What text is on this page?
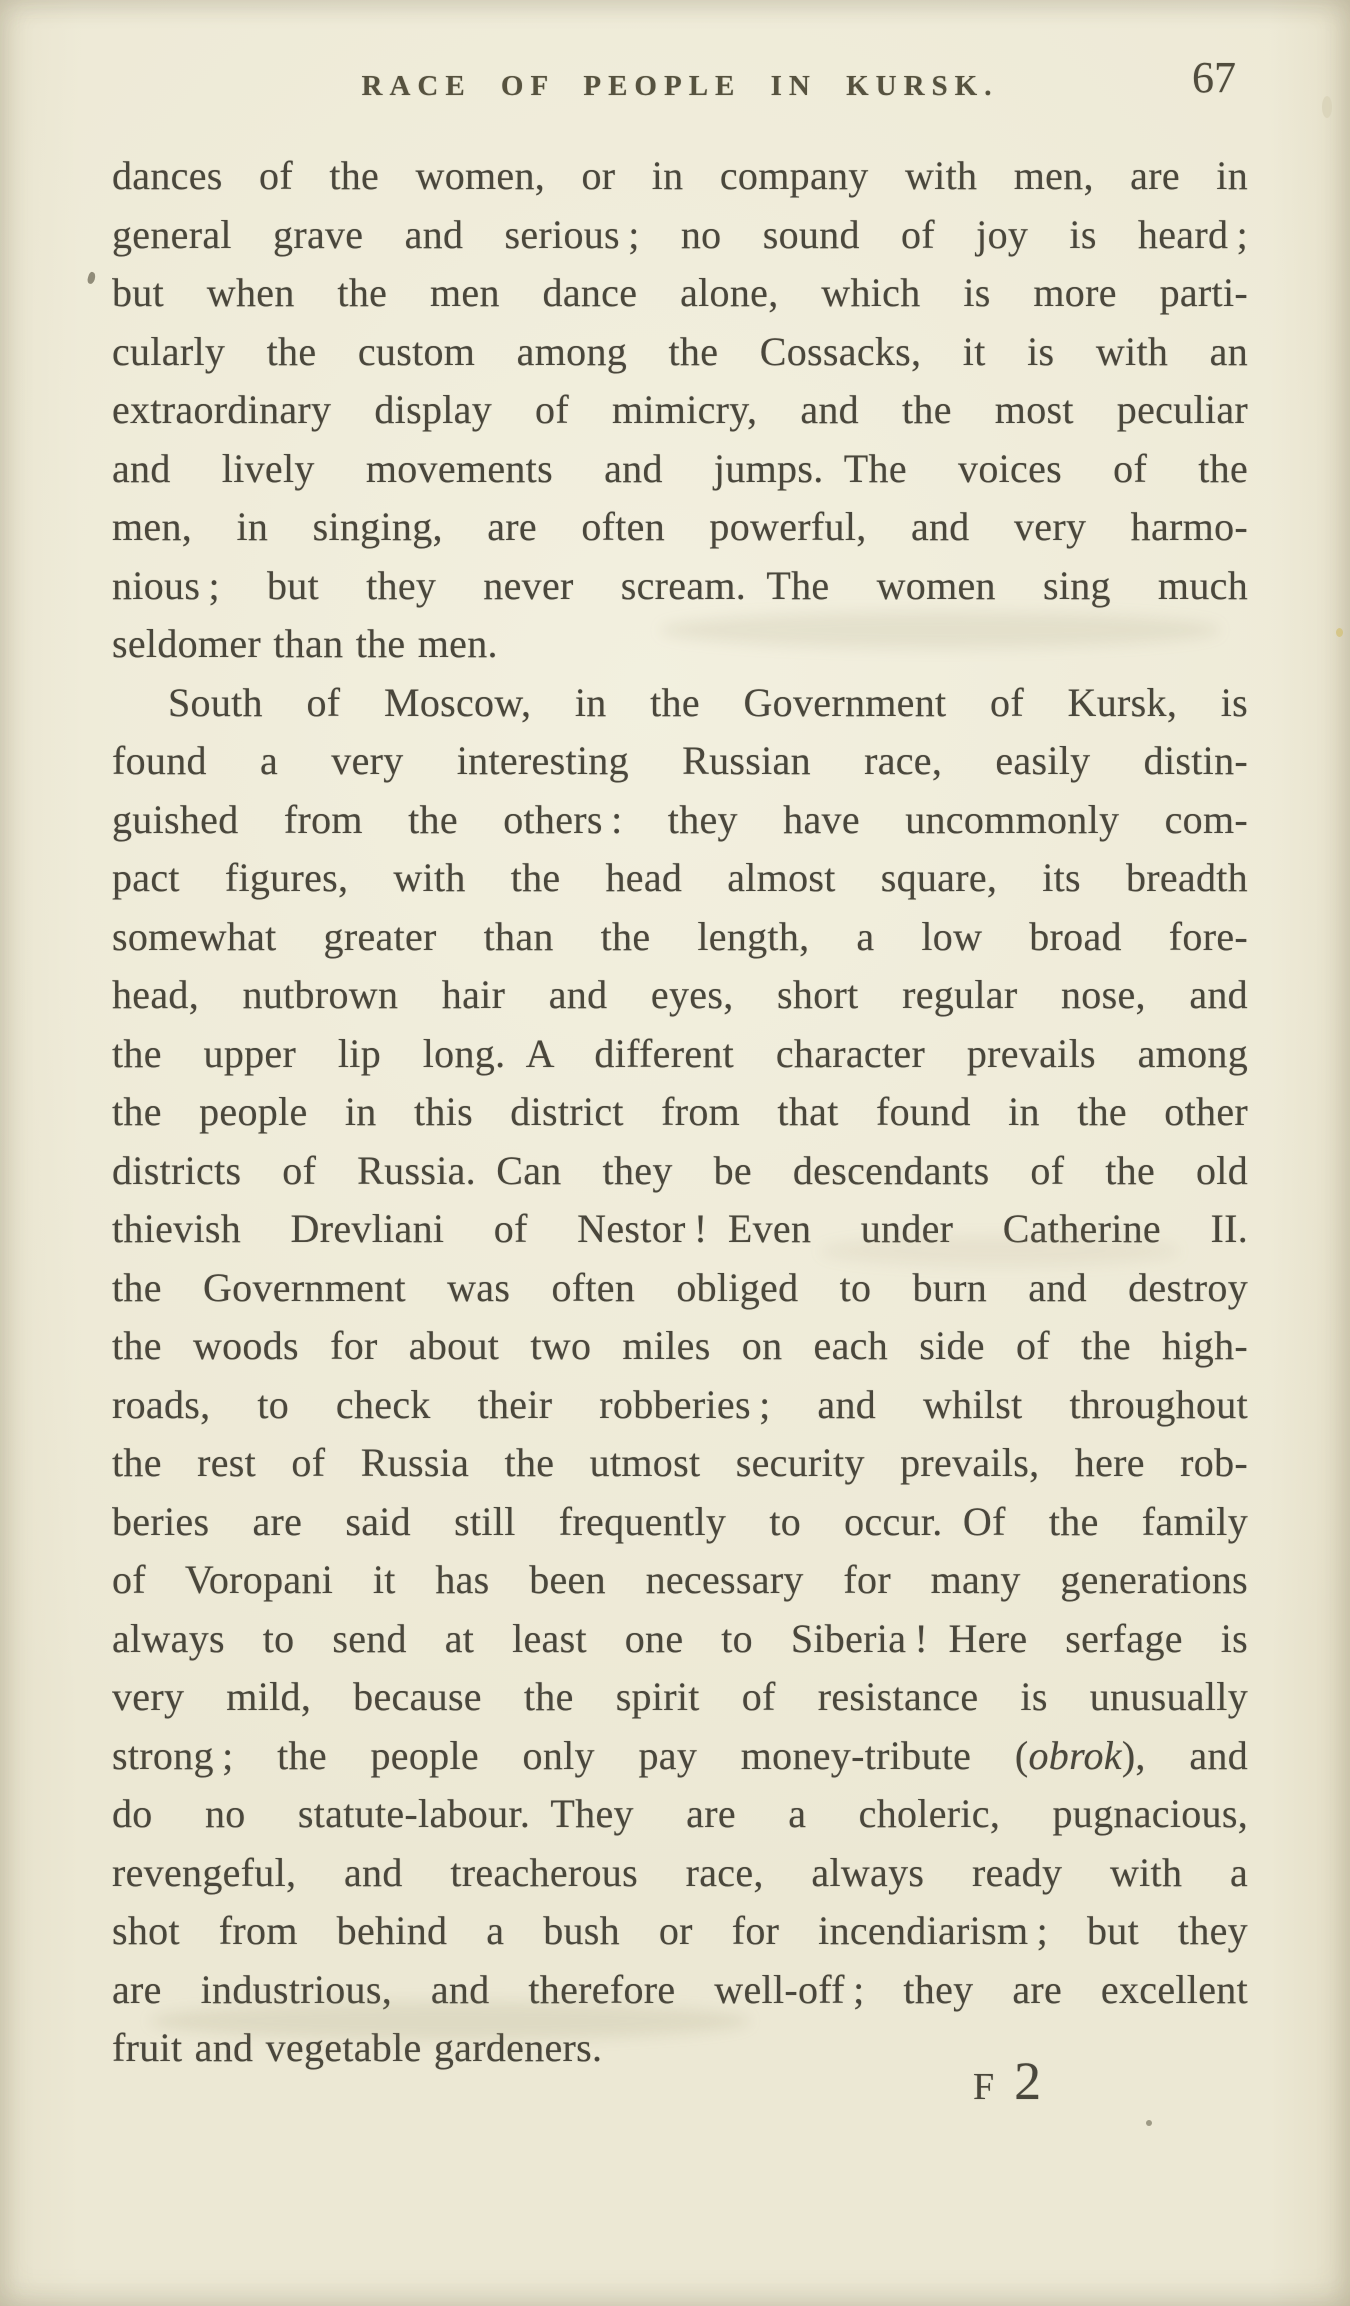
RACE OF PEOPLE IN KURSK.	67
dances of the women, or in company with men, are in
general grave and serious ; no sound of joy is heard ;
but when the men dance alone, which is more parti-
cularly the custom among the Cossacks, it is with an
extraordinary display of mimicry, and the most peculiar
and lively movements and jumps. The voices of the
men, in singing, are often powerful, and very harmo-
nious ; but they never scream. The women sing much
seldomer than the men.
South of Moscow, in the Government of Kursk, is
found a very interesting Russian race, easily distin-
guished from the others : they have uncommonly com-
pact figures, with the head almost square, its breadth
somewhat greater than the length, a low broad fore-
head, nutbrown hair and eyes, short regular nose, and
the upper lip long. A different character prevails among
the people in this district from that found in the other
districts of Russia. Can they be descendants of the old
thievish Drevliani of Nestor ! Even under Catherine II.
the Government was often obliged to burn and destroy
the woods for about two miles on each side of the high-
roads, to check their robberies ; and whilst throughout
the rest of Russia the utmost security prevails, here rob-
beries are said still frequently to occur. Of the family
of Voropani it has been necessary for many generations
always to send at least one to Siberia ! Here serfage is
very mild, because the spirit of resistance is unusually
strong ; the people only pay money-tribute (obrok), and
do no statute-labour. They are a choleric, pugnacious,
revengeful, and treacherous race, always ready with a
shot from behind a bush or for incendiarism ; but they
are industrious, and therefore well-off ; they are excellent
fruit and vegetable gardeners.
F 2
